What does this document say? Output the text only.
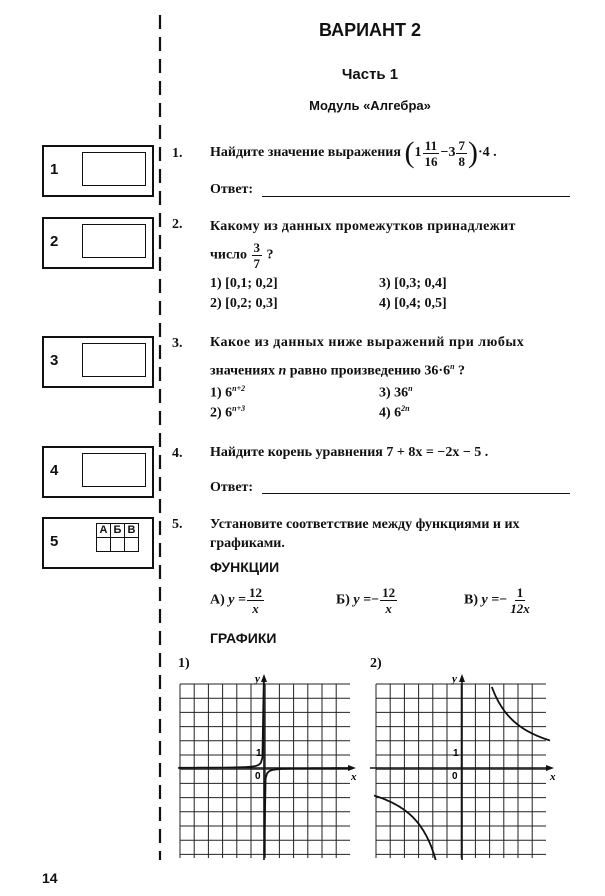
ВАРИАНТ 2
Часть 1
Модуль «Алгебра»
1
2
3
4
5
А	Б	В

1. Найдите значение выражения $(1 \frac{11}{16} -3 \frac{7}{8} )\cdot 4$ .
Ответ:
2. Какому из данных промежутков принадлежит
число $\frac{3}{7}$ ?
1) [0,1; 0,2]	3) [0,3; 0,4]
2) [0,2; 0,3]	4) [0,4; 0,5]
3. Какое из данных ниже выражений при любых
значениях n равно произведению $36\cdot 6^n$ ?
1) $6^{n+2}$	3) 36$^n$
2) $6^{n+3}$	4) $6^{2n}$
4. Найдите корень уравнения 7 + 8x = −2x − 5 .
Ответ:
5. Установите соответствие между функциями и их
графиками.
ФУНКЦИИ
А) $y = \frac{12}{x}$	Б) $y =- \frac{12}{x}$	В) $y =- \frac{1}{12x}$
ГРАФИКИ
1)	2)
y
x
1
0
y
x
1
0
14
